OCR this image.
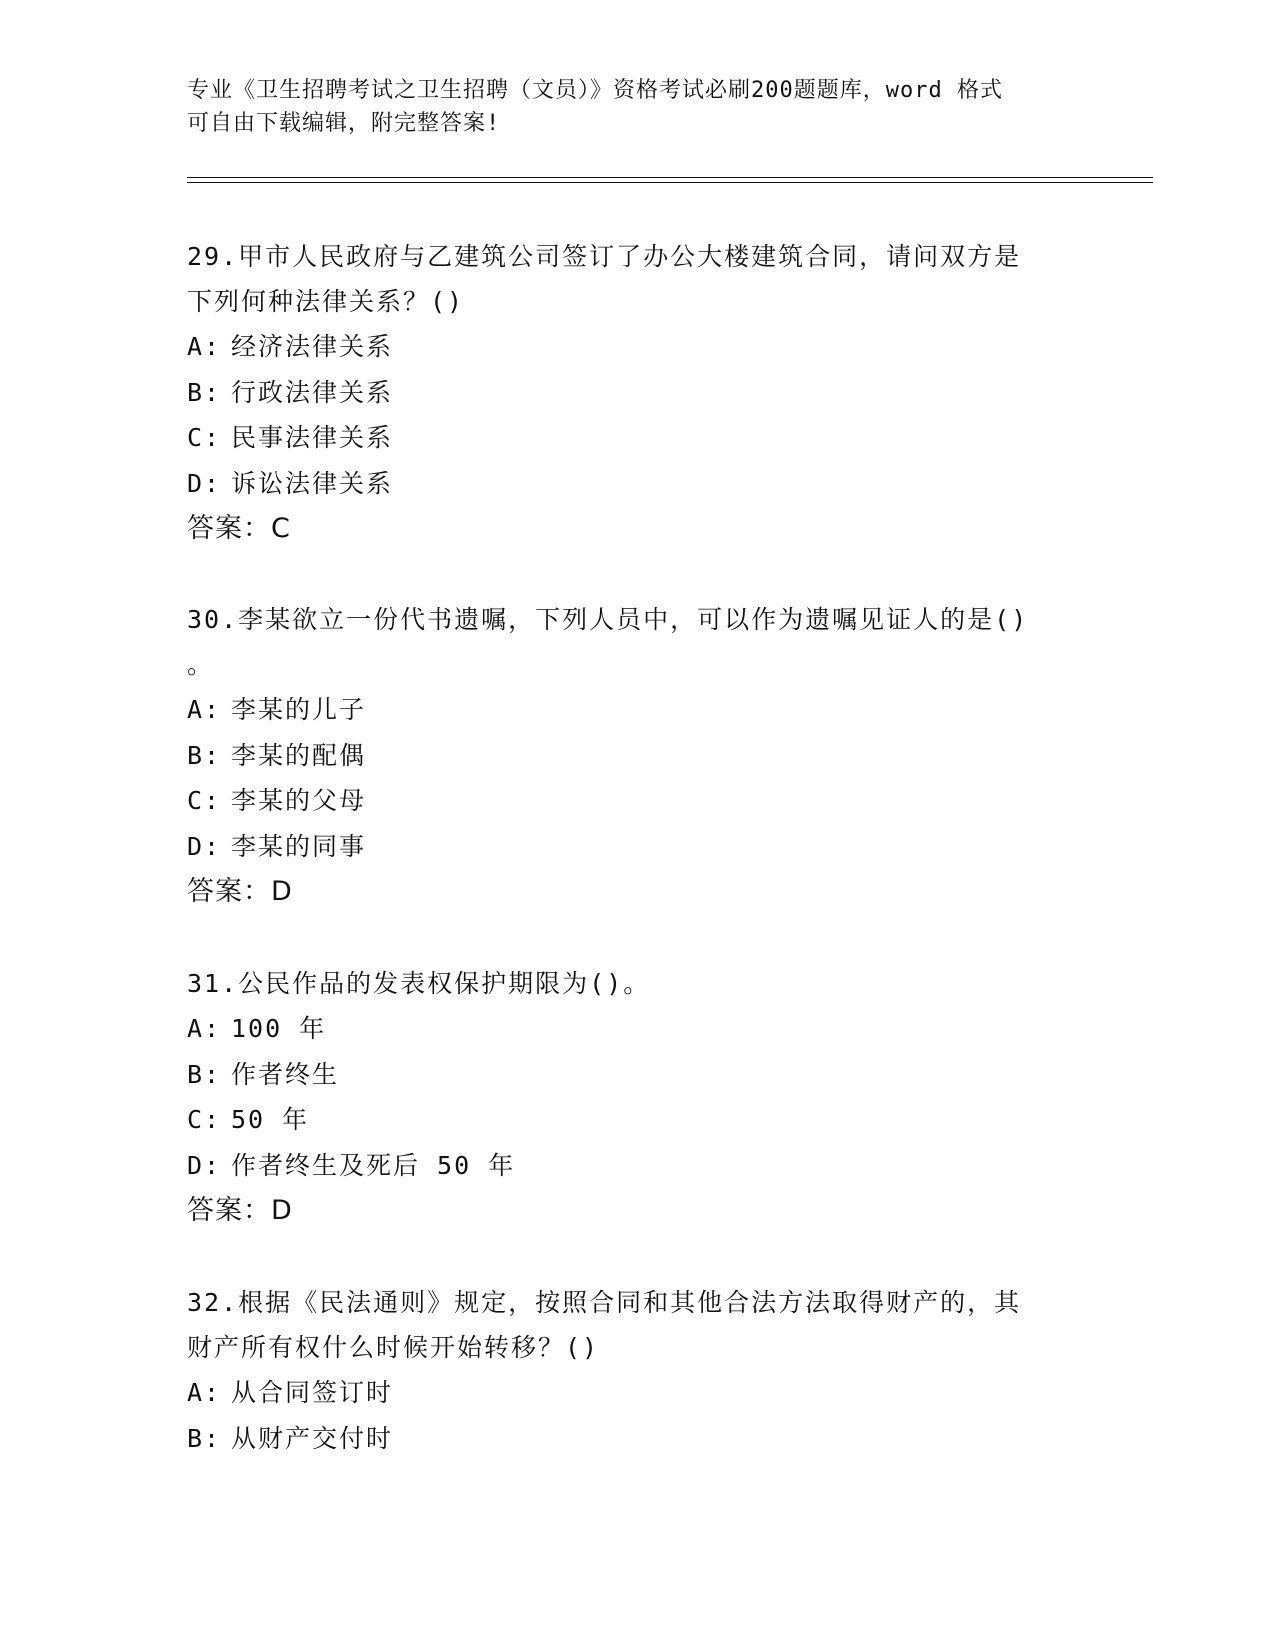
专业《卫生招聘考试之卫生招聘（文员）》资格考试必刷200题题库，word 格式
可自由下载编辑，附完整答案!
29.甲市人民政府与乙建筑公司签订了办公大楼建筑合同，请问双方是
下列何种法律关系？()
A: 经济法律关系
B: 行政法律关系
C: 民事法律关系
D: 诉讼法律关系
答案：C
30.李某欲立一份代书遗嘱，下列人员中，可以作为遗嘱见证人的是()
。
A: 李某的儿子
B: 李某的配偶
C: 李某的父母
D: 李某的同事
答案：D
31.公民作品的发表权保护期限为()。
A: 100 年
B: 作者终生
C: 50 年
D: 作者终生及死后 50 年
答案：D
32.根据《民法通则》规定，按照合同和其他合法方法取得财产的，其
财产所有权什么时候开始转移？()
A: 从合同签订时
B: 从财产交付时
